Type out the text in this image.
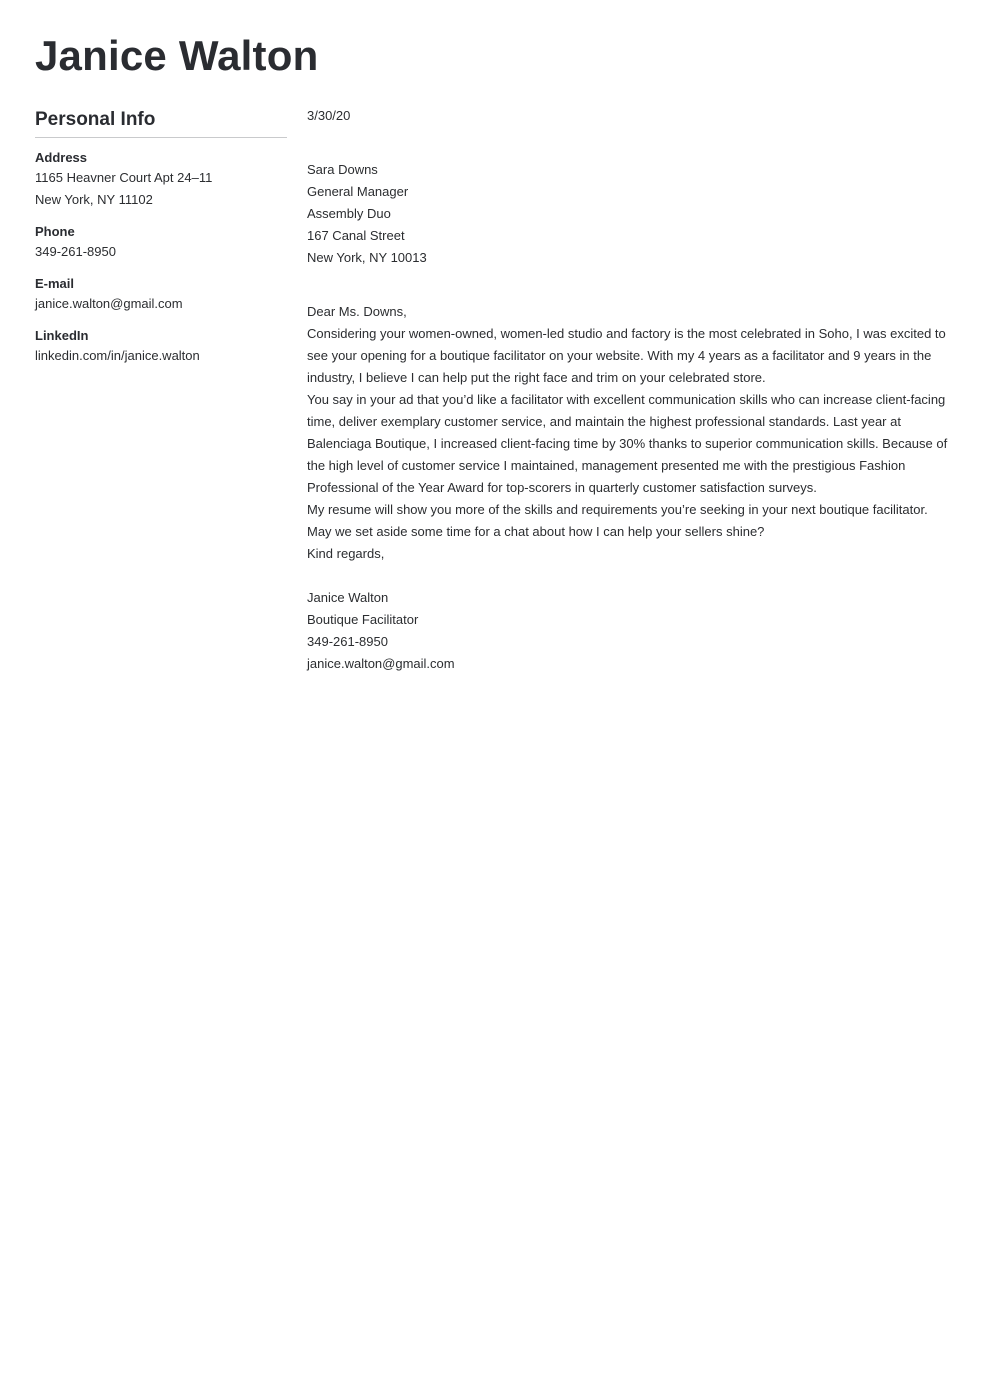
Janice Walton
Personal Info
Address
1165 Heavner Court Apt 24–11
New York, NY 11102
Phone
349-261-8950
E-mail
janice.walton@gmail.com
LinkedIn
linkedin.com/in/janice.walton

3/30/20

Sara Downs

General Manager

Assembly Duo

167 Canal Street

New York, NY 10013

Dear Ms. Downs,

Considering your women-owned, women-led studio and factory is the most celebrated in Soho, I was excited to see your opening for a boutique facilitator on your website. With my 4 years as a facilitator and 9 years in the industry, I believe I can help put the right face and trim on your celebrated store.

You say in your ad that you’d like a facilitator with excellent communication skills who can increase client-facing time, deliver exemplary customer service, and maintain the highest professional standards. Last year at Balenciaga Boutique, I increased client-facing time by 30% thanks to superior communication skills. Because of the high level of customer service I maintained, management presented me with the prestigious Fashion Professional of the Year Award for top-scorers in quarterly customer satisfaction surveys.

My resume will show you more of the skills and requirements you’re seeking in your next boutique facilitator. May we set aside some time for a chat about how I can help your sellers shine?

Kind regards,

Janice Walton

Boutique Facilitator

349-261-8950

janice.walton@gmail.com
